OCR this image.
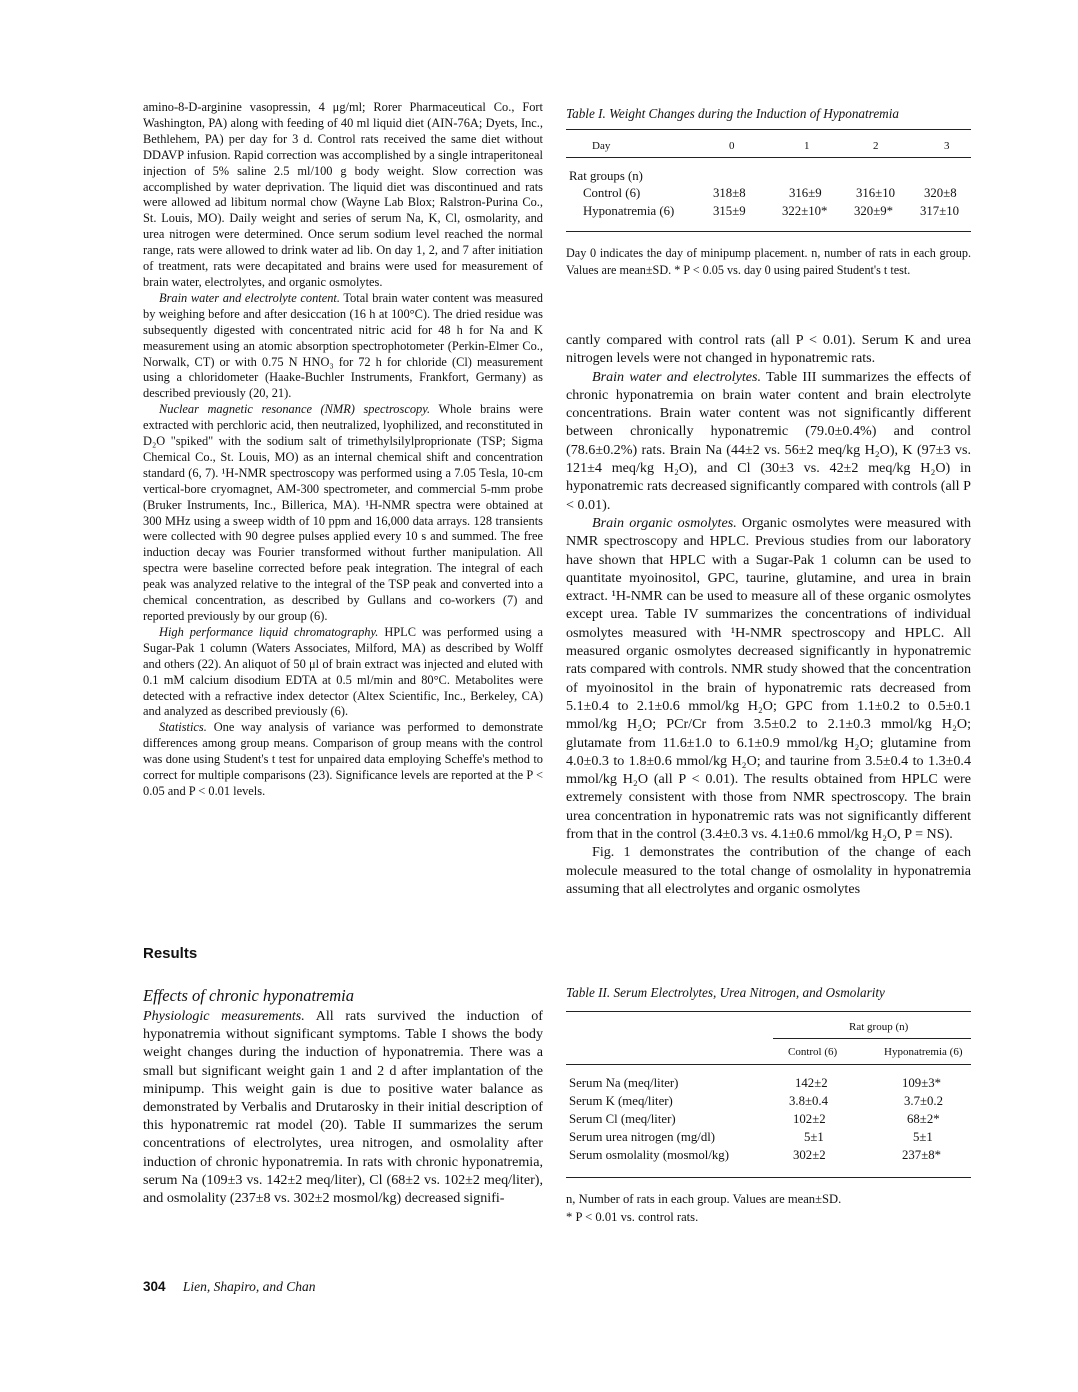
amino-8-D-arginine vasopressin, 4 μg/ml; Rorer Pharmaceutical Co., Fort Washington, PA) along with feeding of 40 ml liquid diet (AIN-76A; Dyets, Inc., Bethlehem, PA) per day for 3 d. Control rats received the same diet without DDAVP infusion. Rapid correction was accomplished by a single intraperitoneal injection of 5% saline 2.5 ml/100 g body weight. Slow correction was accomplished by water deprivation. The liquid diet was discontinued and rats were allowed ad libitum normal chow (Wayne Lab Blox; Ralstron-Purina Co., St. Louis, MO). Daily weight and series of serum Na, K, Cl, osmolarity, and urea nitrogen were determined. Once serum sodium level reached the normal range, rats were allowed to drink water ad lib. On day 1, 2, and 7 after initiation of treatment, rats were decapitated and brains were used for measurement of brain water, electrolytes, and organic osmolytes.

Brain water and electrolyte content. Total brain water content was measured by weighing before and after desiccation (16 h at 100°C). The dried residue was subsequently digested with concentrated nitric acid for 48 h for Na and K measurement using an atomic absorption spectrophotometer (Perkin-Elmer Co., Norwalk, CT) or with 0.75 N HNO₃ for 72 h for chloride (Cl) measurement using a chloridometer (Haake-Buchler Instruments, Frankfort, Germany) as described previously (20, 21).

Nuclear magnetic resonance (NMR) spectroscopy. Whole brains were extracted with perchloric acid, then neutralized, lyophilized, and reconstituted in D₂O "spiked" with the sodium salt of trimethylsilylproprionate (TSP; Sigma Chemical Co., St. Louis, MO) as an internal chemical shift and concentration standard (6, 7). ¹H-NMR spectroscopy was performed using a 7.05 Tesla, 10-cm vertical-bore cryomagnet, AM-300 spectrometer, and commercial 5-mm probe (Bruker Instruments, Inc., Billerica, MA). ¹H-NMR spectra were obtained at 300 MHz using a sweep width of 10 ppm and 16,000 data arrays. 128 transients were collected with 90 degree pulses applied every 10 s and summed. The free induction decay was Fourier transformed without further manipulation. All spectra were baseline corrected before peak integration. The integral of each peak was analyzed relative to the integral of the TSP peak and converted into a chemical concentration, as described by Gullans and co-workers (7) and reported previously by our group (6).

High performance liquid chromatography. HPLC was performed using a Sugar-Pak 1 column (Waters Associates, Milford, MA) as described by Wolff and others (22). An aliquot of 50 μl of brain extract was injected and eluted with 0.1 mM calcium disodium EDTA at 0.5 ml/min and 80°C. Metabolites were detected with a refractive index detector (Altex Scientific, Inc., Berkeley, CA) and analyzed as described previously (6).

Statistics. One way analysis of variance was performed to demonstrate differences among group means. Comparison of group means with the control was done using Student's t test for unpaired data employing Scheffe's method to correct for multiple comparisons (23). Significance levels are reported at the P < 0.05 and P < 0.01 levels.

Results
Effects of chronic hyponatremia

Physiologic measurements. All rats survived the induction of hyponatremia without significant symptoms. Table I shows the body weight changes during the induction of hyponatremia. There was a small but significant weight gain 1 and 2 d after implantation of the minipump. This weight gain is due to positive water balance as demonstrated by Verbalis and Drutarosky in their initial description of this hyponatremic rat model (20). Table II summarizes the serum concentrations of electrolytes, urea nitrogen, and osmolality after induction of chronic hyponatremia. In rats with chronic hyponatremia, serum Na (109±3 vs. 142±2 meq/liter), Cl (68±2 vs. 102±2 meq/liter), and osmolality (237±8 vs. 302±2 mosmol/kg) decreased signifi-

304 Lien, Shapiro, and Chan
Table I. Weight Changes during the Induction of Hyponatremia
Day	0	1	2	3
Rat groups (n)
Control (6)	318±8	316±9	316±10 320±8
Hyponatremia (6)	315±9	322±10* 320±9* 317±10
Day 0 indicates the day of minipump placement. n, number of rats in each group. Values are mean±SD. * P < 0.05 vs. day 0 using paired Student's t test.

cantly compared with control rats (all P < 0.01). Serum K and urea nitrogen levels were not changed in hyponatremic rats.

Brain water and electrolytes. Table III summarizes the effects of chronic hyponatremia on brain water content and brain electrolyte concentrations. Brain water content was not significantly different between chronically hyponatremic (79.0±0.4%) and control (78.6±0.2%) rats. Brain Na (44±2 vs. 56±2 meq/kg H₂O), K (97±3 vs. 121±4 meq/kg H₂O), and Cl (30±3 vs. 42±2 meq/kg H₂O) in hyponatremic rats decreased significantly compared with controls (all P < 0.01).

Brain organic osmolytes. Organic osmolytes were measured with NMR spectroscopy and HPLC. Previous studies from our laboratory have shown that HPLC with a Sugar-Pak 1 column can be used to quantitate myoinositol, GPC, taurine, glutamine, and urea in brain extract. ¹H-NMR can be used to measure all of these organic osmolytes except urea. Table IV summarizes the concentrations of individual osmolytes measured with ¹H-NMR spectroscopy and HPLC. All measured organic osmolytes decreased significantly in hyponatremic rats compared with controls. NMR study showed that the concentration of myoinositol in the brain of hyponatremic rats decreased from 5.1±0.4 to 2.1±0.6 mmol/kg H₂O; GPC from 1.1±0.2 to 0.5±0.1 mmol/kg H₂O; PCr/Cr from 3.5±0.2 to 2.1±0.3 mmol/kg H₂O; glutamate from 11.6±1.0 to 6.1±0.9 mmol/kg H₂O; glutamine from 4.0±0.3 to 1.8±0.6 mmol/kg H₂O; and taurine from 3.5±0.4 to 1.3±0.4 mmol/kg H₂O (all P < 0.01). The results obtained from HPLC were extremely consistent with those from NMR spectroscopy. The brain urea concentration in hyponatremic rats was not significantly different from that in the control (3.4±0.3 vs. 4.1±0.6 mmol/kg H₂O, P = NS).

Fig. 1 demonstrates the contribution of the change of each molecule measured to the total change of osmolality in hyponatremia assuming that all electrolytes and organic osmolytes

Table II. Serum Electrolytes, Urea Nitrogen, and Osmolarity
Rat group (n)
Control (6)	Hyponatremia (6)
Serum Na (meq/liter)	142±2	109±3*
Serum K (meq/liter)	3.8±0.4	3.7±0.2
Serum Cl (meq/liter)	102±2	68±2*
Serum urea nitrogen (mg/dl)	5±1	5±1
Serum osmolality (mosmol/kg)	302±2	237±8*
n, Number of rats in each group. Values are mean±SD.
* P < 0.01 vs. control rats.
